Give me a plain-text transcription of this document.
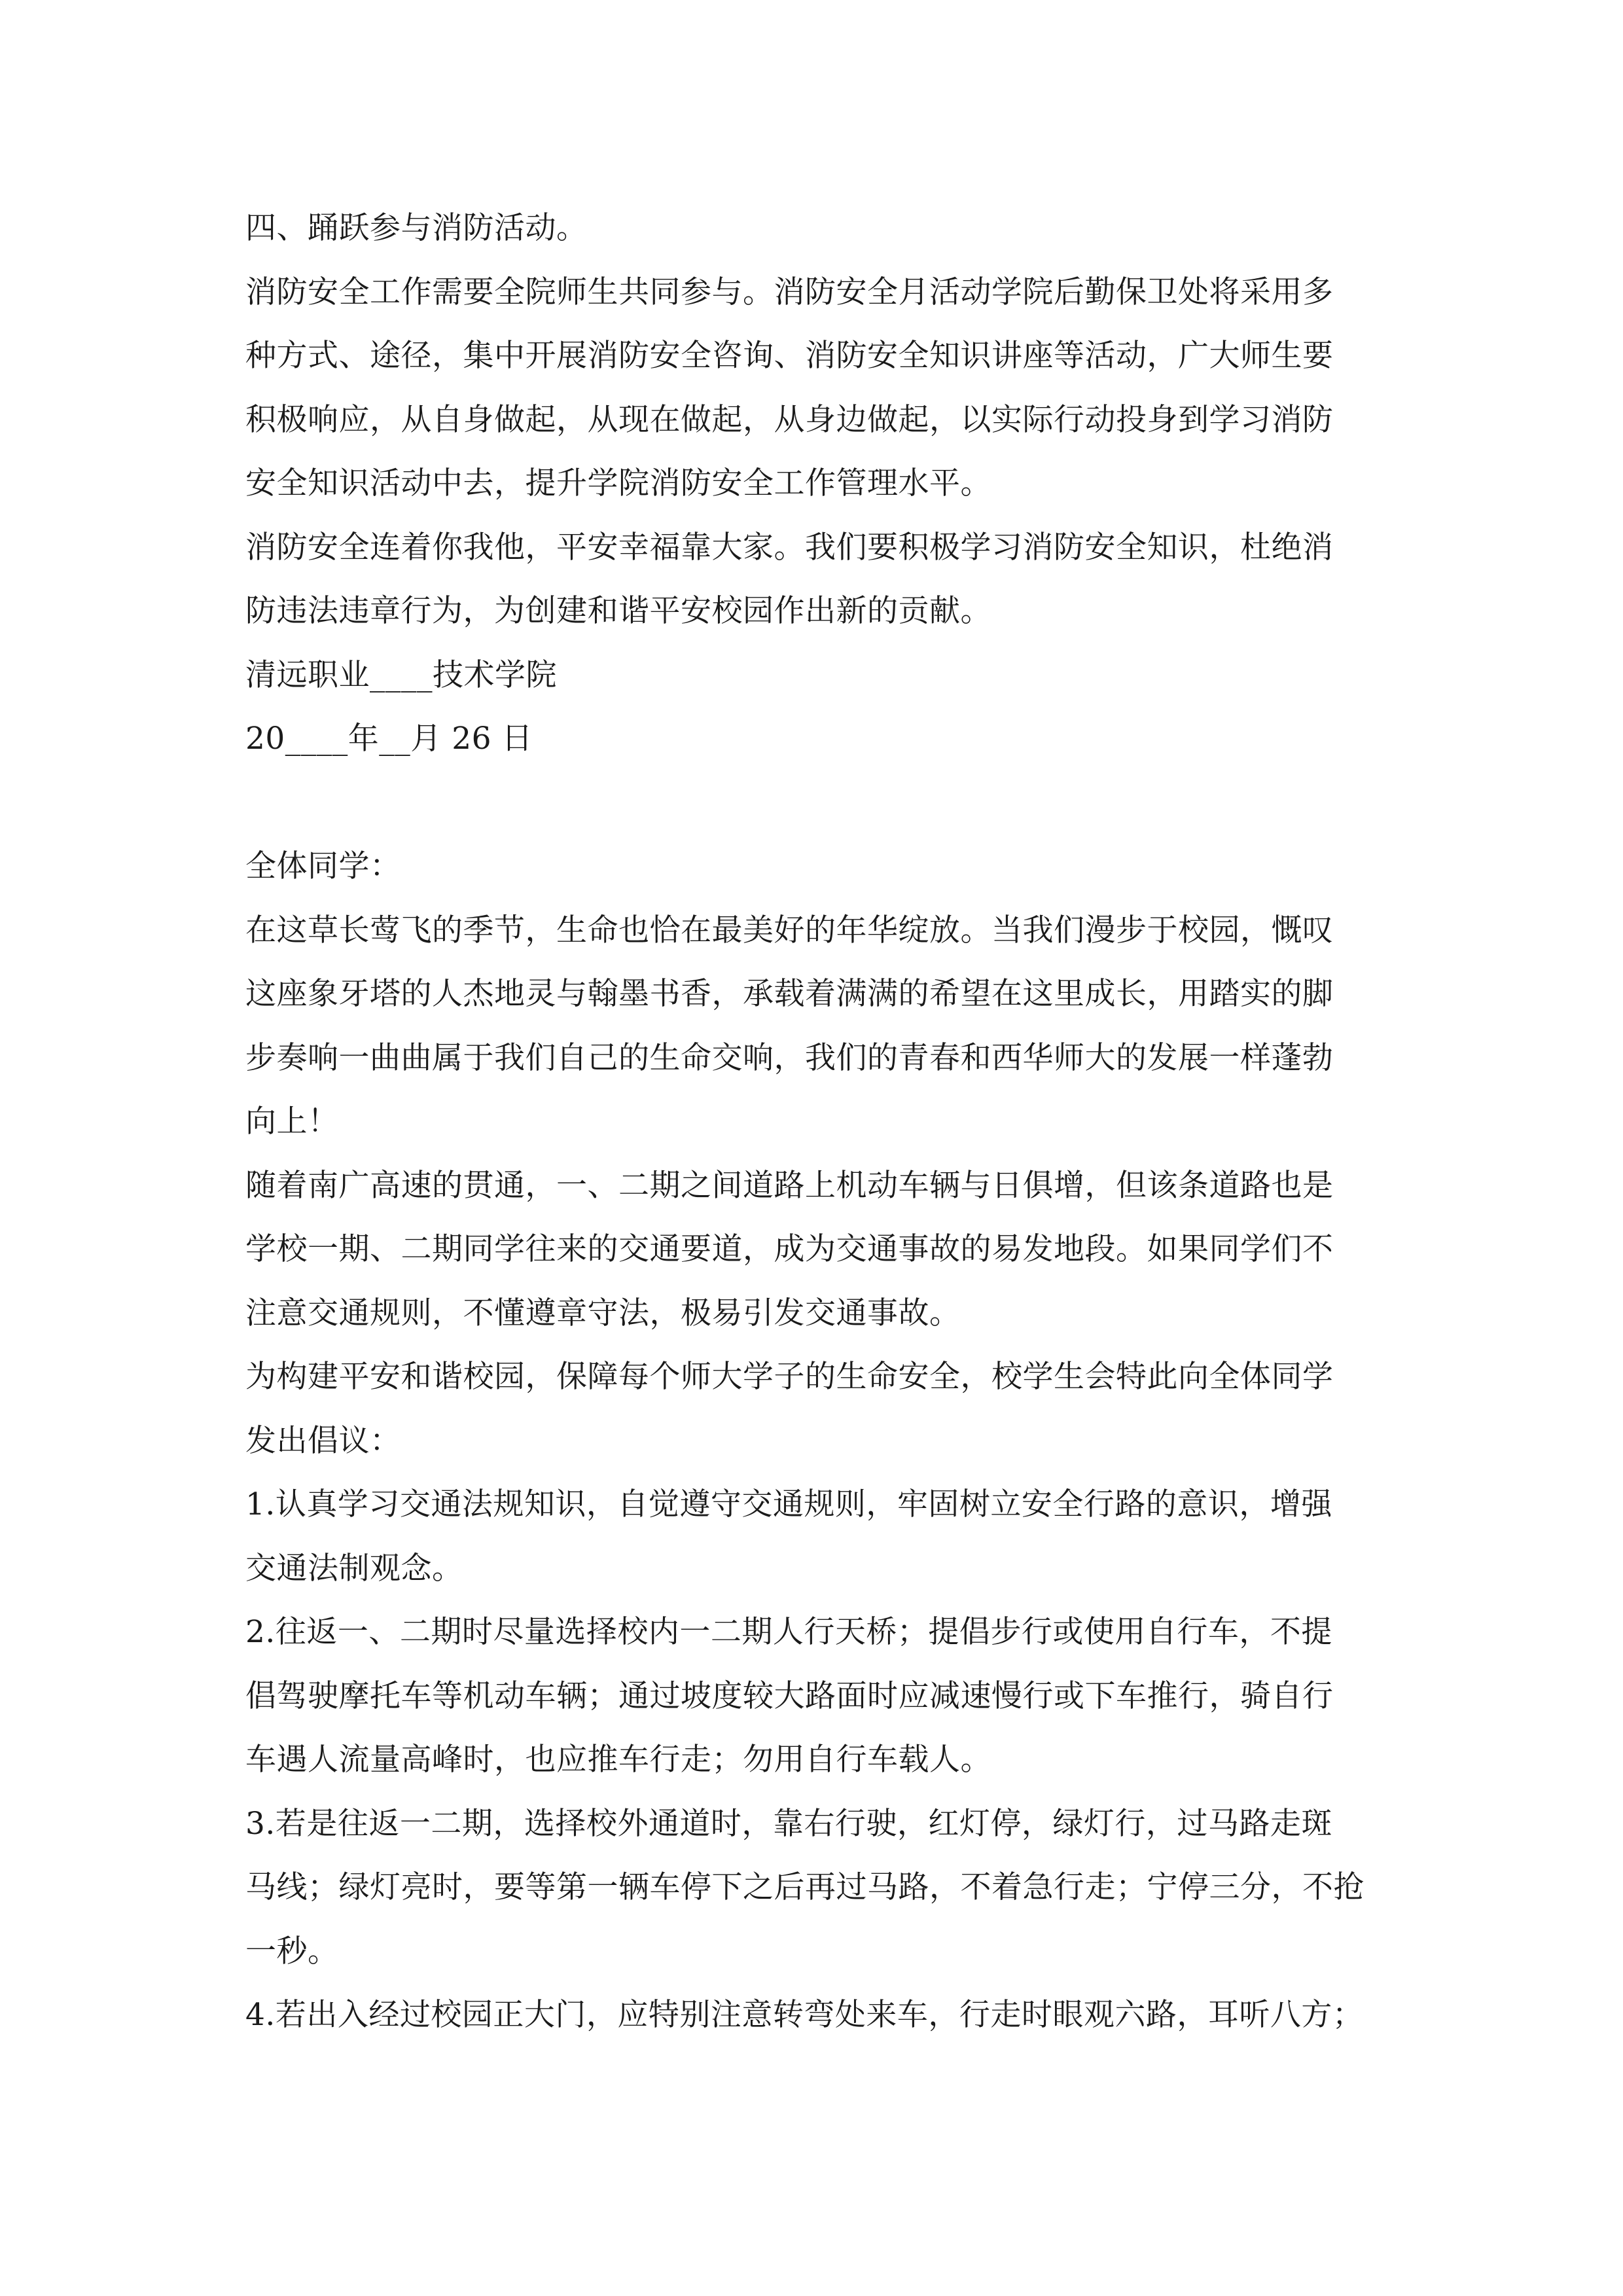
四、踊跃参与消防活动。
消防安全工作需要全院师生共同参与。消防安全月活动学院后勤保卫处将采用多
种方式、途径，集中开展消防安全咨询、消防安全知识讲座等活动，广大师生要
积极响应，从自身做起，从现在做起，从身边做起，以实际行动投身到学习消防
安全知识活动中去，提升学院消防安全工作管理水平。
消防安全连着你我他，平安幸福靠大家。我们要积极学习消防安全知识，杜绝消
防违法违章行为，为创建和谐平安校园作出新的贡献。
清远职业____技术学院
20____年__月 26 日
全体同学：
在这草长莺飞的季节，生命也恰在最美好的年华绽放。当我们漫步于校园，慨叹
这座象牙塔的人杰地灵与翰墨书香，承载着满满的希望在这里成长，用踏实的脚
步奏响一曲曲属于我们自己的生命交响，我们的青春和西华师大的发展一样蓬勃
向上！
随着南广高速的贯通，一、二期之间道路上机动车辆与日俱增，但该条道路也是
学校一期、二期同学往来的交通要道，成为交通事故的易发地段。如果同学们不
注意交通规则，不懂遵章守法，极易引发交通事故。
为构建平安和谐校园，保障每个师大学子的生命安全，校学生会特此向全体同学
发出倡议：
1.认真学习交通法规知识，自觉遵守交通规则，牢固树立安全行路的意识，增强
交通法制观念。
2.往返一、二期时尽量选择校内一二期人行天桥；提倡步行或使用自行车，不提
倡驾驶摩托车等机动车辆；通过坡度较大路面时应减速慢行或下车推行，骑自行
车遇人流量高峰时，也应推车行走；勿用自行车载人。
3.若是往返一二期，选择校外通道时，靠右行驶，红灯停，绿灯行，过马路走斑
马线；绿灯亮时，要等第一辆车停下之后再过马路，不着急行走；宁停三分，不抢
一秒。
4.若出入经过校园正大门，应特别注意转弯处来车，行走时眼观六路，耳听八方；
